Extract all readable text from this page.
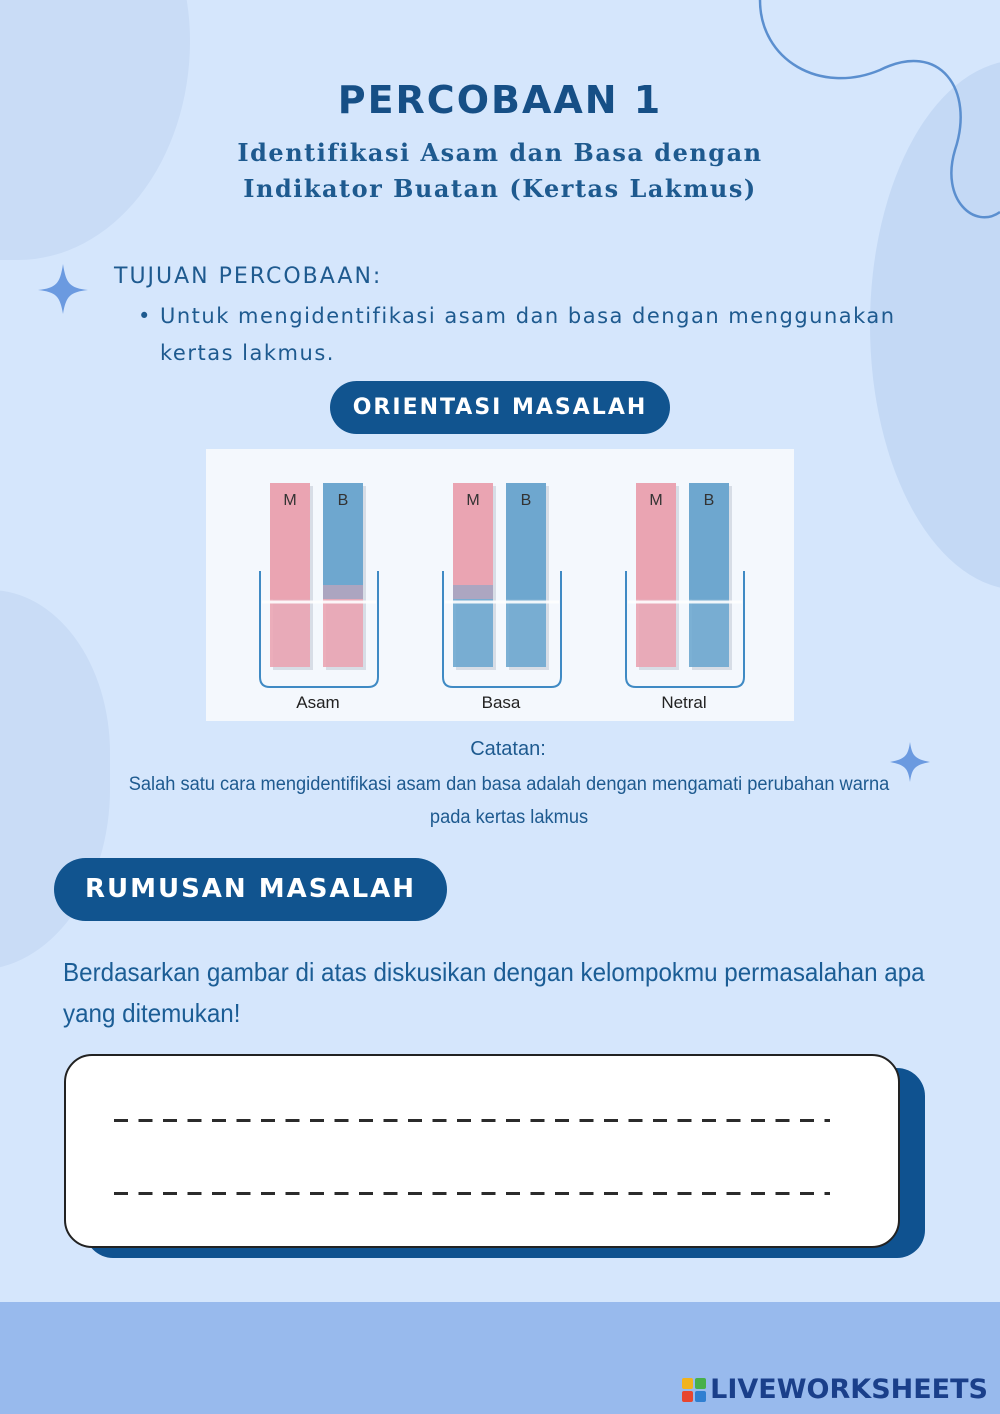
PERCOBAAN 1
Identifikasi Asam dan Basa dengan
Indikator Buatan (Kertas Lakmus)
TUJUAN PERCOBAAN:
• Untuk mengidentifikasi asam dan basa dengan menggunakan kertas lakmus.
ORIENTASI MASALAH
M	B
Asam
M	B
Basa
M	B
Netral
Catatan:
Salah satu cara mengidentifikasi asam dan basa adalah dengan mengamati perubahan warna pada kertas lakmus
RUMUSAN MASALAH
Berdasarkan gambar di atas diskusikan dengan kelompokmu permasalahan apa yang ditemukan!
LIVEWORKSHEETS
